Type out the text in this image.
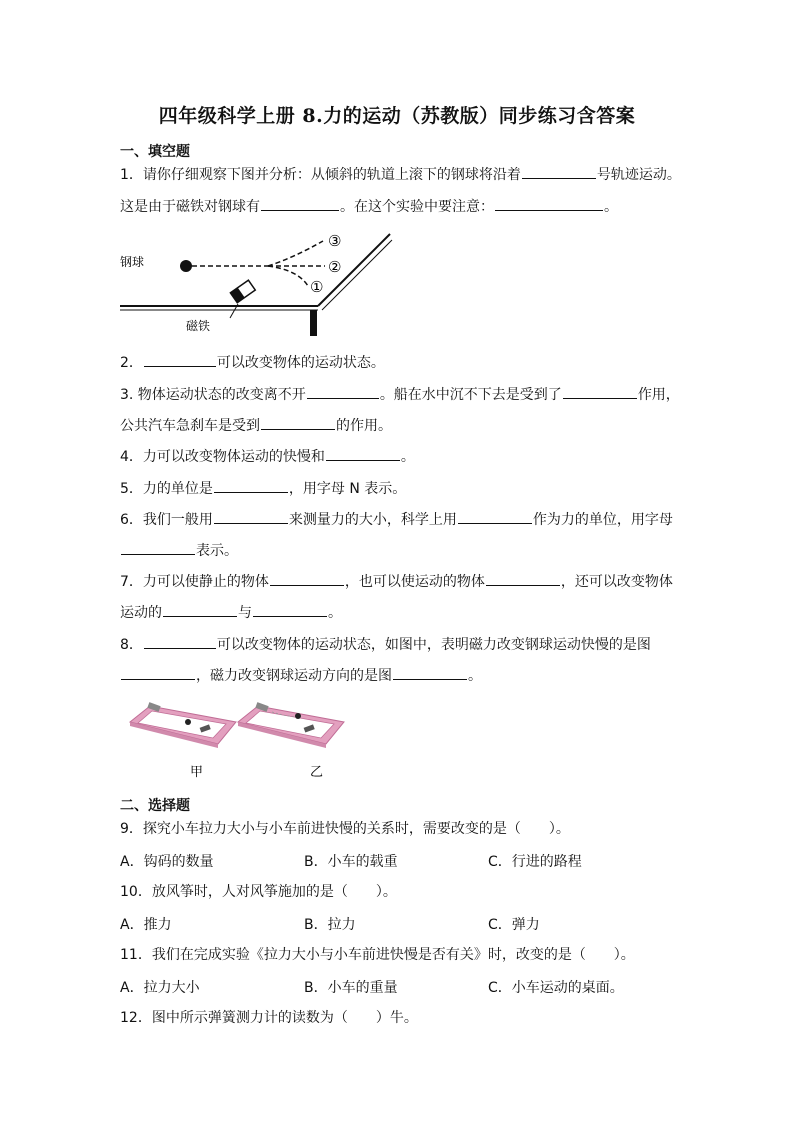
四年级科学上册 8.力的运动（苏教版）同步练习含答案
一、填空题
1．请你仔细观察下图并分析：从倾斜的轨道上滚下的钢球将沿着	号轨迹运动。
这是由于磁铁对钢球有	。在这个实验中要注意：	。
钢球
③
②
①
磁铁
2．	可以改变物体的运动状态。
3. 物体运动状态的改变离不开	。船在水中沉不下去是受到了	作用，
公共汽车急刹车是受到	的作用。
4．力可以改变物体运动的快慢和	。
5．力的单位是	，用字母 N 表示。
6．我们一般用	来测量力的大小，科学上用	作为力的单位，用字母
表示。
7．力可以使静止的物体	，也可以使运动的物体	，还可以改变物体
运动的	与	。
8．	可以改变物体的运动状态，如图中，表明磁力改变钢球运动快慢的是图
，磁力改变钢球运动方向的是图	。
甲	乙
二、选择题
9．探究小车拉力大小与小车前进快慢的关系时，需要改变的是（　　）。
A．钩码的数量	B．小车的载重	C．行进的路程
10．放风筝时，人对风筝施加的是（　　）。
A．推力	B．拉力	C．弹力
11．我们在完成实验《拉力大小与小车前进快慢是否有关》时，改变的是（　　）。
A．拉力大小	B．小车的重量	C．小车运动的桌面。
12．图中所示弹簧测力计的读数为（　　）牛。
